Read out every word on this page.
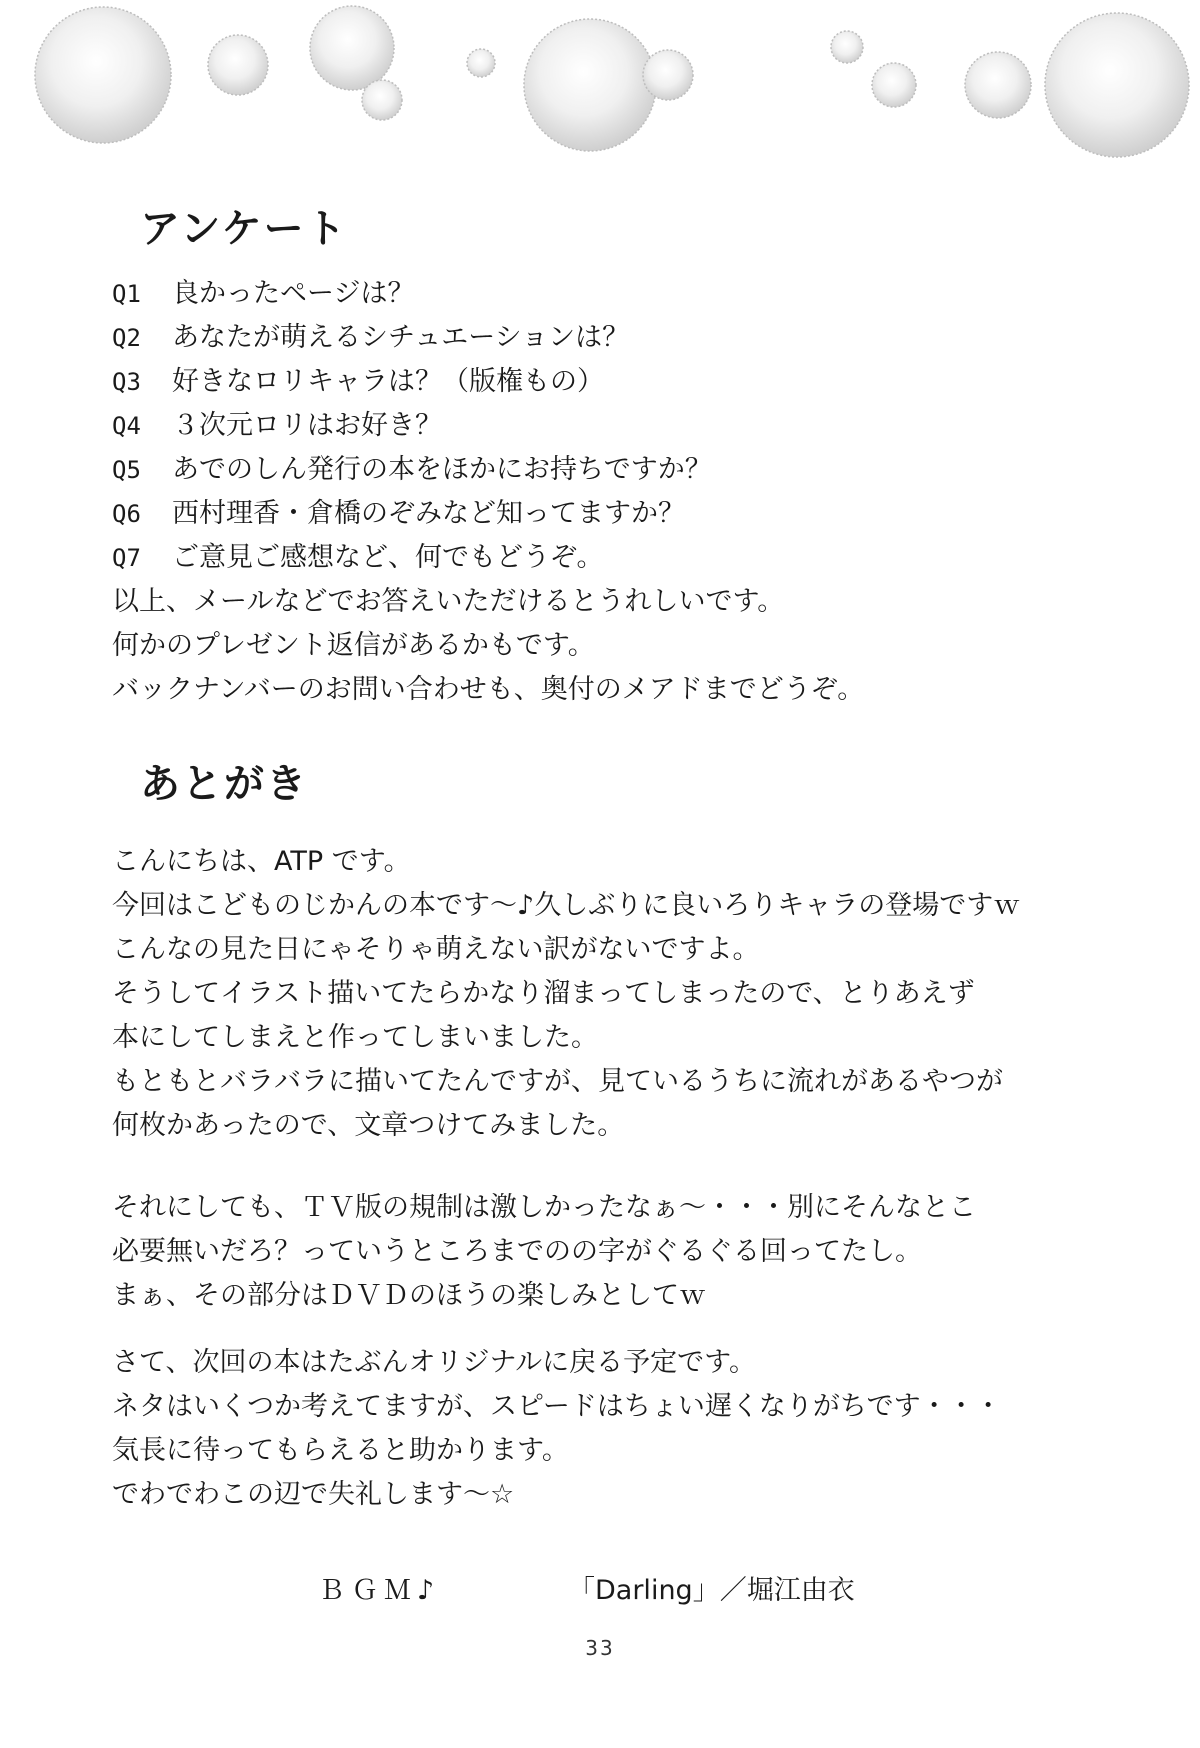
アンケート
Q1 良かったページは？
Q2 あなたが萌えるシチュエーションは？
Q3 好きなロリキャラは？（版権もの）
Q4 ３次元ロリはお好き？
Q5 あでのしん発行の本をほかにお持ちですか？
Q6 西村理香・倉橋のぞみなど知ってますか？
Q7 ご意見ご感想など、何でもどうぞ。
以上、メールなどでお答えいただけるとうれしいです。
何かのプレゼント返信があるかもです。
バックナンバーのお問い合わせも、奥付のメアドまでどうぞ。
あとがき
こんにちは、ATP です。
今回はこどものじかんの本です～♪久しぶりに良いろりキャラの登場ですｗ
こんなの見た日にゃそりゃ萌えない訳がないですよ。
そうしてイラスト描いてたらかなり溜まってしまったので、とりあえず
本にしてしまえと作ってしまいました。
もともとバラバラに描いてたんですが、見ているうちに流れがあるやつが
何枚かあったので、文章つけてみました。
それにしても、ＴＶ版の規制は激しかったなぁ～・・・別にそんなとこ
必要無いだろ？っていうところまでのの字がぐるぐる回ってたし。
まぁ、その部分はＤＶＤのほうの楽しみとしてｗ
さて、次回の本はたぶんオリジナルに戻る予定です。
ネタはいくつか考えてますが、スピードはちょい遅くなりがちです・・・
気長に待ってもらえると助かります。
でわでわこの辺で失礼します～☆
ＢＧＭ♪	「Darling」／堀江由衣
33
